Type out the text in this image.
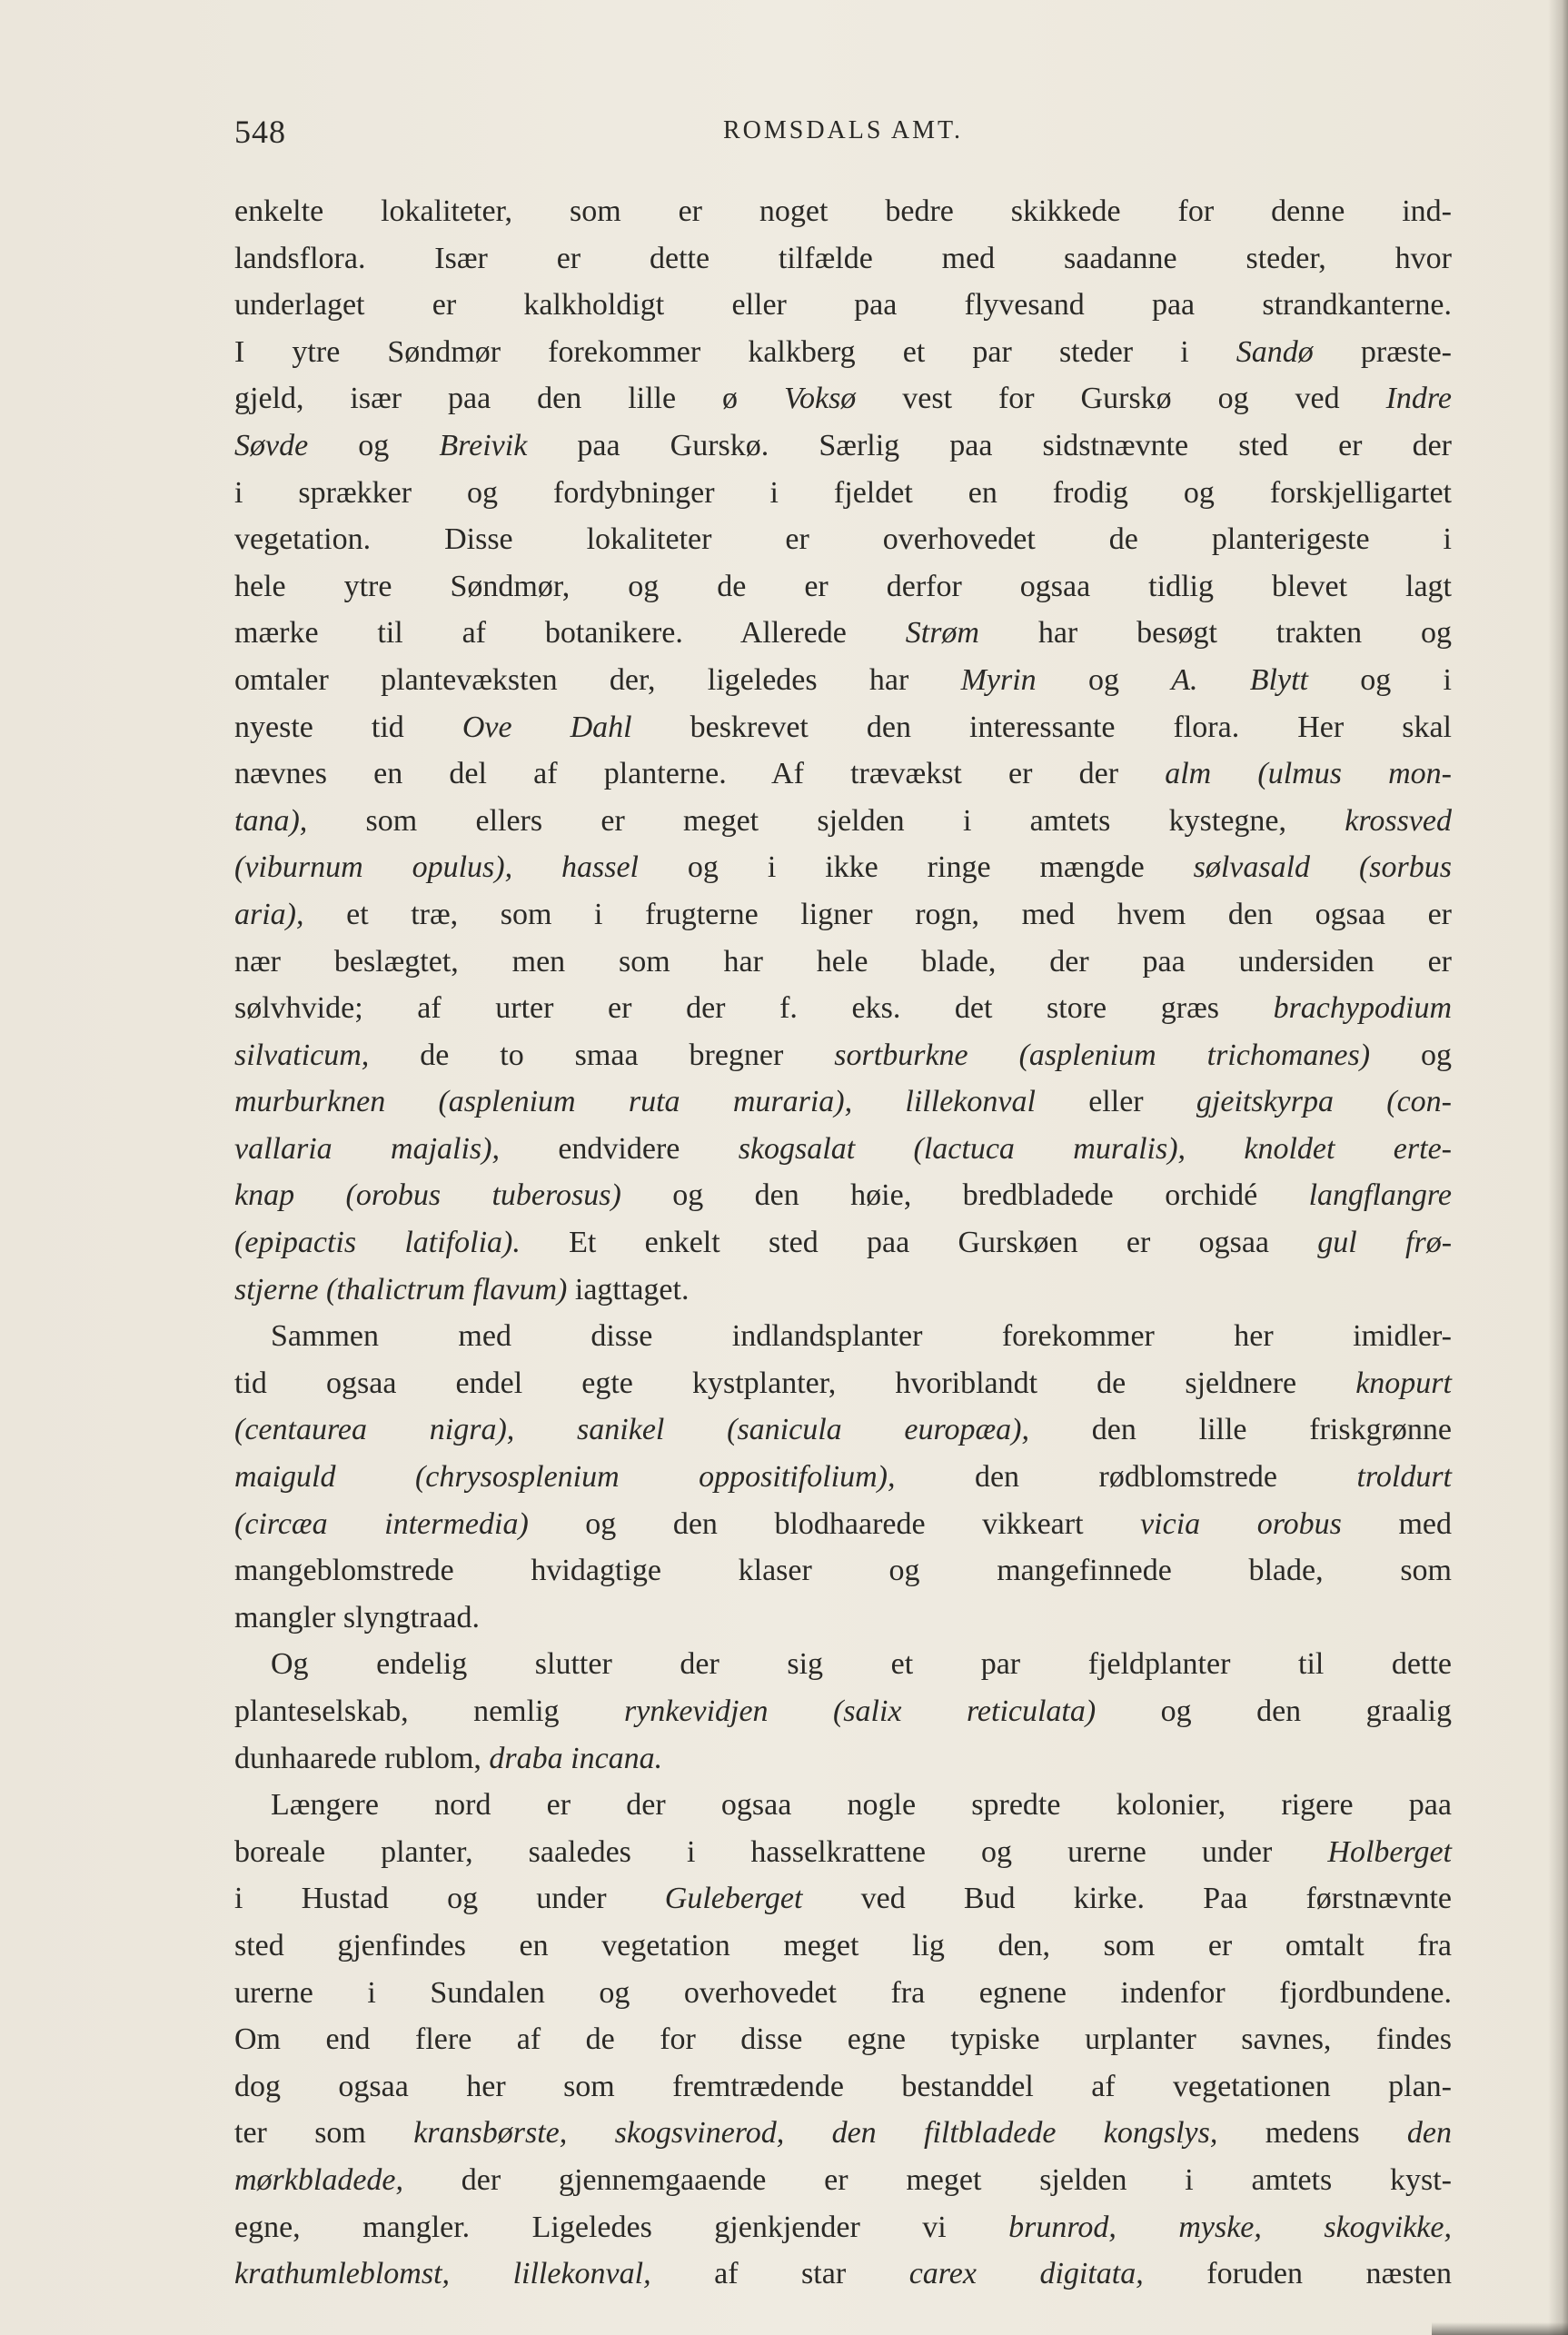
548	ROMSDALS AMT.
enkelte lokaliteter, som er noget bedre skikkede for denne ind-
landsflora. Især er dette tilfælde med saadanne steder, hvor
underlaget er kalkholdigt eller paa flyvesand paa strandkanterne.
I ytre Søndmør forekommer kalkberg et par steder i Sandø præste-
gjeld, især paa den lille ø Voksø vest for Gurskø og ved Indre
Søvde og Breivik paa Gurskø. Særlig paa sidstnævnte sted er der
i sprækker og fordybninger i fjeldet en frodig og forskjelligartet
vegetation. Disse lokaliteter er overhovedet de planterigeste i
hele ytre Søndmør, og de er derfor ogsaa tidlig blevet lagt
mærke til af botanikere. Allerede Strøm har besøgt trakten og
omtaler plantevæksten der, ligeledes har Myrin og A. Blytt og i
nyeste tid Ove Dahl beskrevet den interessante flora. Her skal
nævnes en del af planterne. Af trævækst er der alm (ulmus mon-
tana), som ellers er meget sjelden i amtets kystegne, krossved
(viburnum opulus), hassel og i ikke ringe mængde sølvasald (sorbus
aria), et træ, som i frugterne ligner rogn, med hvem den ogsaa er
nær beslægtet, men som har hele blade, der paa undersiden er
sølvhvide; af urter er der f. eks. det store græs brachypodium
silvaticum, de to smaa bregner sortburkne (asplenium trichomanes) og
murburknen (asplenium ruta muraria), lillekonval eller gjeitskyrpa (con-
vallaria majalis), endvidere skogsalat (lactuca muralis), knoldet erte-
knap (orobus tuberosus) og den høie, bredbladede orchidé langflangre
(epipactis latifolia). Et enkelt sted paa Gurskøen er ogsaa gul frø-
stjerne (thalictrum flavum) iagttaget.
Sammen med disse indlandsplanter forekommer her imidler-
tid ogsaa endel egte kystplanter, hvoriblandt de sjeldnere knopurt
(centaurea nigra), sanikel (sanicula europæa), den lille friskgrønne
maiguld (chrysosplenium oppositifolium), den rødblomstrede troldurt
(circæa intermedia) og den blodhaarede vikkeart vicia orobus med
mangeblomstrede hvidagtige klaser og mangefinnede blade, som
mangler slyngtraad.
Og endelig slutter der sig et par fjeldplanter til dette
planteselskab, nemlig rynkevidjen (salix reticulata) og den graalig
dunhaarede rublom, draba incana.
Længere nord er der ogsaa nogle spredte kolonier, rigere paa
boreale planter, saaledes i hasselkrattene og urerne under Holberget
i Hustad og under Guleberget ved Bud kirke. Paa førstnævnte
sted gjenfindes en vegetation meget lig den, som er omtalt fra
urerne i Sundalen og overhovedet fra egnene indenfor fjordbundene.
Om end flere af de for disse egne typiske urplanter savnes, findes
dog ogsaa her som fremtrædende bestanddel af vegetationen plan-
ter som kransbørste, skogsvinerod, den filtbladede kongslys, medens den
mørkbladede, der gjennemgaaende er meget sjelden i amtets kyst-
egne, mangler. Ligeledes gjenkjender vi brunrod, myske, skogvikke,
krathumleblomst, lillekonval, af star carex digitata, foruden næsten
